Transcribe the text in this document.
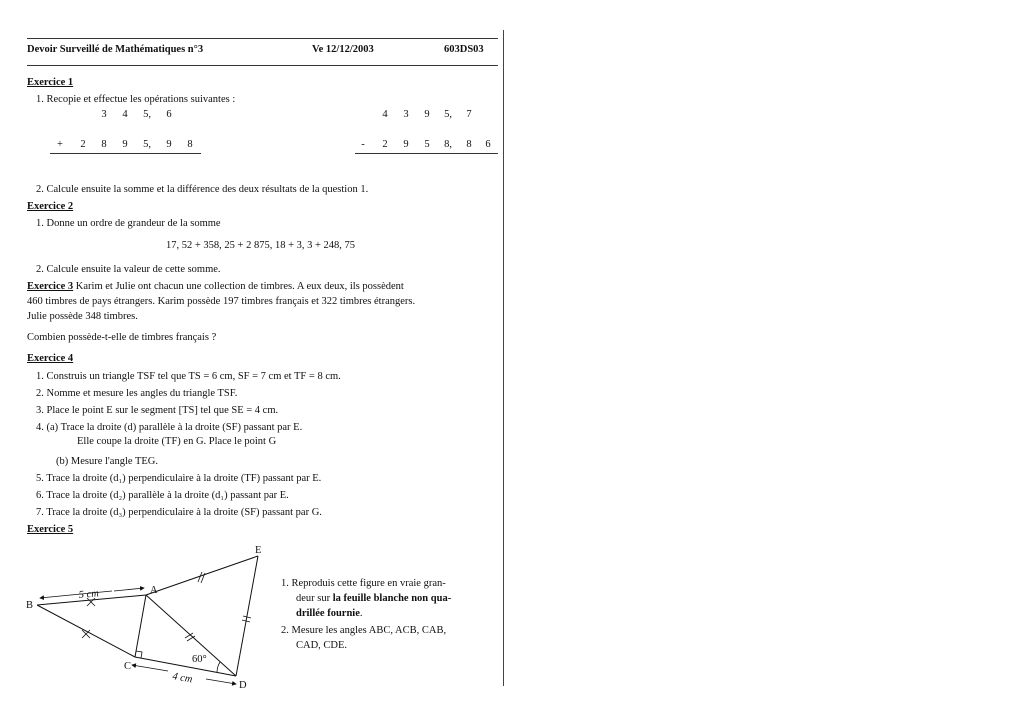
Devoir Surveillé de Mathématiques n°3	Ve 12/12/2003	603DS03
Exercice 1
1. Recopie et effectue les opérations suivantes :
3	4	5,	6
+	2	8	9	5,	9	8
4	3	9	5,	7
-	2	9	5	8,	8	6
2. Calcule ensuite la somme et la différence des deux résultats de la question 1.
Exercice 2
1. Donne un ordre de grandeur de la somme
17, 52 + 358, 25 + 2 875, 18 + 3, 3 + 248, 75
2. Calcule ensuite la valeur de cette somme.
Exercice 3 Karim et Julie ont chacun une collection de timbres. A eux deux, ils possèdent
460 timbres de pays étrangers. Karim possède 197 timbres français et 322 timbres étrangers.
Julie possède 348 timbres.
Combien possède-t-elle de timbres français ?
Exercice 4
1. Construis un triangle TSF tel que TS = 6 cm, SF = 7 cm et TF = 8 cm.
2. Nomme et mesure les angles du triangle TSF.
3. Place le point E sur le segment [TS] tel que SE = 4 cm.
4. (a) Trace la droite (d) parallèle à la droite (SF) passant par E.
Elle coupe la droite (TF) en G. Place le point G
(b) Mesure l'angle TEG.
5. Trace la droite (d₁) perpendiculaire à la droite (TF) passant par E.
6. Trace la droite (d₂) parallèle à la droite (d₁) passant par E.
7. Trace la droite (d₃) perpendiculaire à la droite (SF) passant par G.
Exercice 5
E
A
B
C
D
5 cm
4 cm
60°
1. Reproduis cette figure en vraie gran-
deur sur la feuille blanche non qua-
drillée fournie.
2. Mesure les angles ABC, ACB, CAB,
CAD, CDE.
